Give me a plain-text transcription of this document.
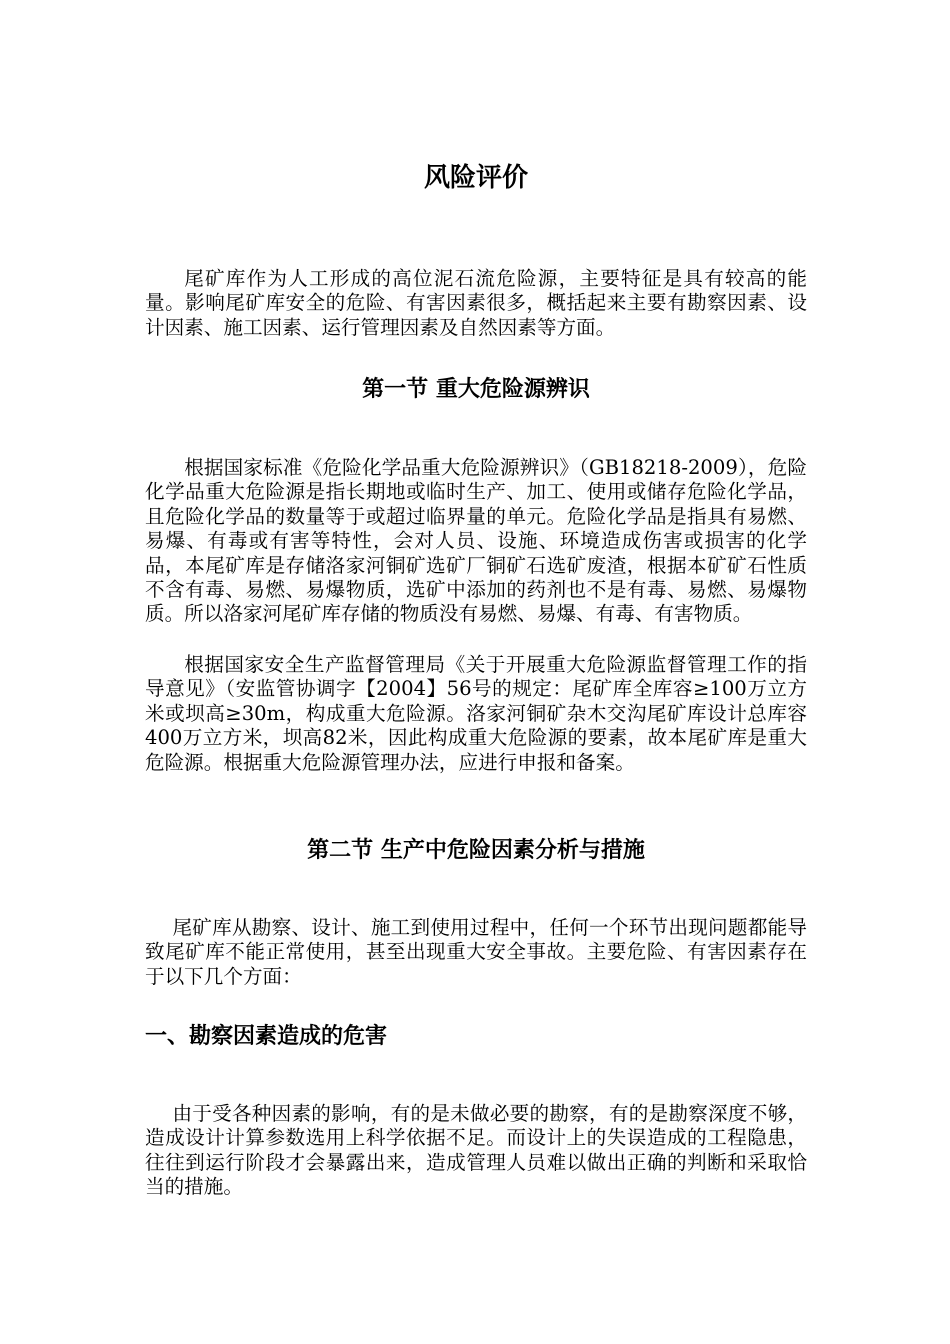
风险评价

尾矿库作为人工形成的高位泥石流危险源，主要特征是具有较高的能量。影响尾矿库安全的危险、有害因素很多，概括起来主要有勘察因素、设计因素、施工因素、运行管理因素及自然因素等方面。

第一节 重大危险源辨识

根据国家标准《危险化学品重大危险源辨识》（GB18218-2009），危险化学品重大危险源是指长期地或临时生产、加工、使用或储存危险化学品，且危险化学品的数量等于或超过临界量的单元。危险化学品是指具有易燃、易爆、有毒或有害等特性，会对人员、设施、环境造成伤害或损害的化学品，本尾矿库是存储洛家河铜矿选矿厂铜矿石选矿废渣，根据本矿矿石性质不含有毒、易燃、易爆物质，选矿中添加的药剂也不是有毒、易燃、易爆物质。所以洛家河尾矿库存储的物质没有易燃、易爆、有毒、有害物质。

根据国家安全生产监督管理局《关于开展重大危险源监督管理工作的指导意见》（安监管协调字【2004】56号的规定：尾矿库全库容≥100万立方米或坝高≥30m，构成重大危险源。洛家河铜矿杂木交沟尾矿库设计总库容400万立方米，坝高82米，因此构成重大危险源的要素，故本尾矿库是重大危险源。根据重大危险源管理办法，应进行申报和备案。

第二节 生产中危险因素分析与措施

尾矿库从勘察、设计、施工到使用过程中，任何一个环节出现问题都能导致尾矿库不能正常使用，甚至出现重大安全事故。主要危险、有害因素存在于以下几个方面：

一、勘察因素造成的危害

由于受各种因素的影响，有的是未做必要的勘察，有的是勘察深度不够，造成设计计算参数选用上科学依据不足。而设计上的失误造成的工程隐患，往往到运行阶段才会暴露出来，造成管理人员难以做出正确的判断和采取恰当的措施。
